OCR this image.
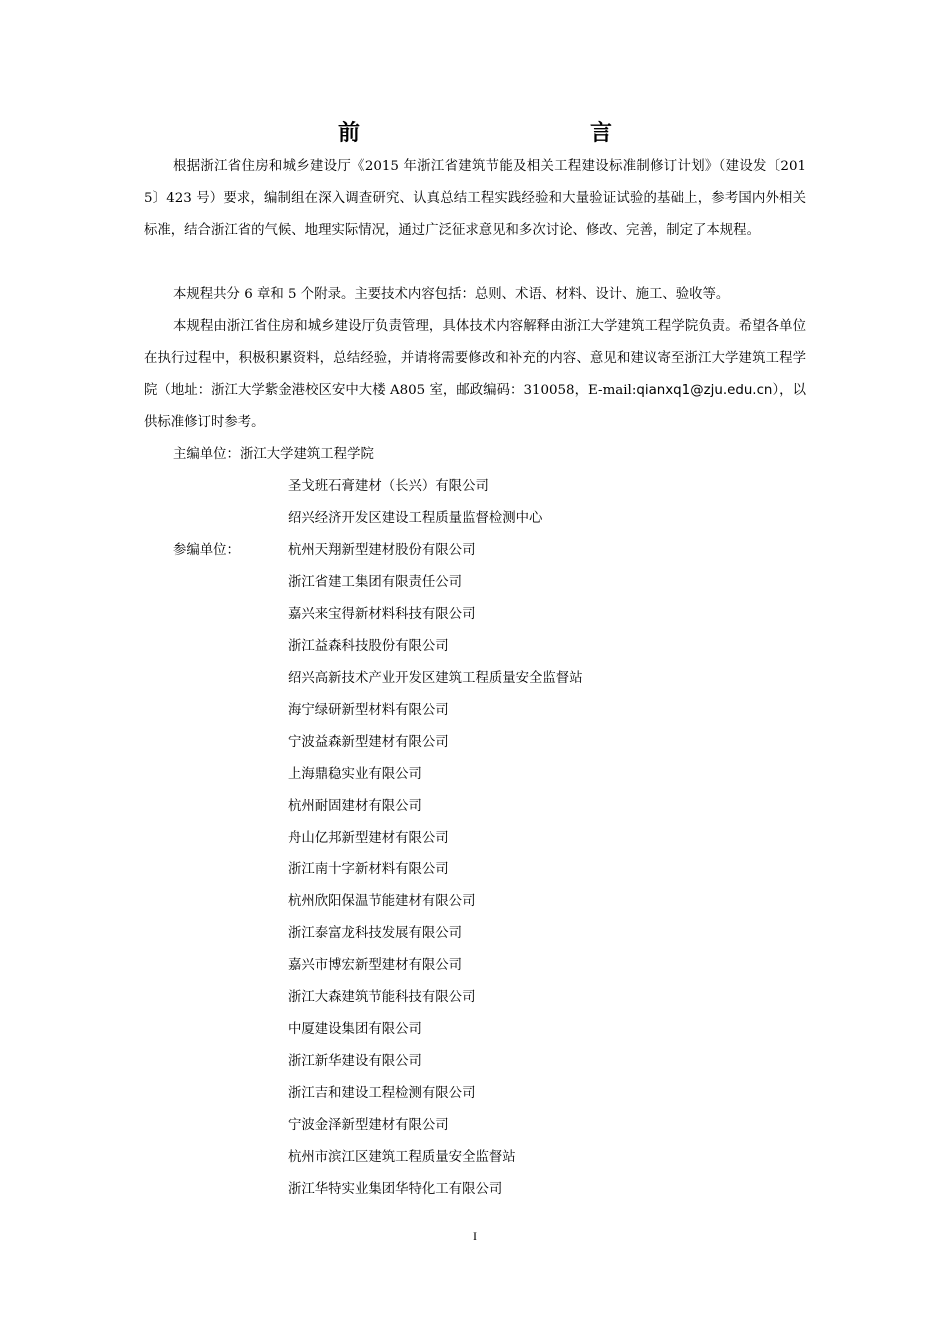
前　　言

根据浙江省住房和城乡建设厅《2015 年浙江省建筑节能及相关工程建设标准制修订计划》（建设发〔2015〕423 号）要求，编制组在深入调查研究、认真总结工程实践经验和大量验证试验的基础上，参考国内外相关标准，结合浙江省的气候、地理实际情况，通过广泛征求意见和多次讨论、修改、完善，制定了本规程。

本规程共分 6 章和 5 个附录。主要技术内容包括：总则、术语、材料、设计、施工、验收等。

本规程由浙江省住房和城乡建设厅负责管理，具体技术内容解释由浙江大学建筑工程学院负责。希望各单位在执行过程中，积极积累资料，总结经验，并请将需要修改和补充的内容、意见和建议寄至浙江大学建筑工程学院（地址：浙江大学紫金港校区安中大楼 A805 室，邮政编码：310058，E-mail:qianxq1@zju.edu.cn），以供标准修订时参考。

主编单位：浙江大学建筑工程学院
圣戈班石膏建材（长兴）有限公司
绍兴经济开发区建设工程质量监督检测中心
参编单位：	杭州天翔新型建材股份有限公司
浙江省建工集团有限责任公司
嘉兴来宝得新材料科技有限公司
浙江益森科技股份有限公司
绍兴高新技术产业开发区建筑工程质量安全监督站
海宁绿研新型材料有限公司
宁波益森新型建材有限公司
上海鼎稳实业有限公司
杭州耐固建材有限公司
舟山亿邦新型建材有限公司
浙江南十字新材料有限公司
杭州欣阳保温节能建材有限公司
浙江泰富龙科技发展有限公司
嘉兴市博宏新型建材有限公司
浙江大森建筑节能科技有限公司
中厦建设集团有限公司
浙江新华建设有限公司
浙江吉和建设工程检测有限公司
宁波金泽新型建材有限公司
杭州市滨江区建筑工程质量安全监督站
浙江华特实业集团华特化工有限公司
I
